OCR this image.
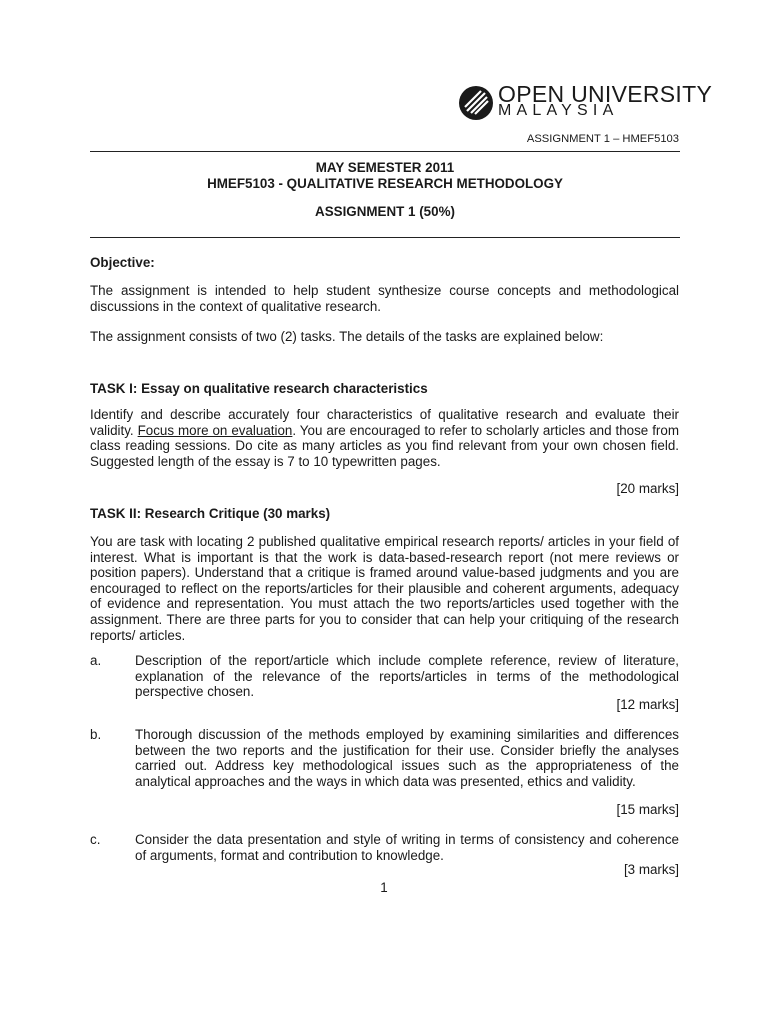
OPEN UNIVERSITY
MALAYSIA
ASSIGNMENT 1 – HMEF5103
MAY SEMESTER 2011
HMEF5103 - QUALITATIVE RESEARCH METHODOLOGY
ASSIGNMENT 1 (50%)
Objective:
The assignment is intended to help student synthesize course concepts and methodological discussions in the context of qualitative research.
The assignment consists of two (2) tasks. The details of the tasks are explained below:
TASK I: Essay on qualitative research characteristics
Identify and describe accurately four characteristics of qualitative research and evaluate their validity. Focus more on evaluation. You are encouraged to refer to scholarly articles and those from class reading sessions. Do cite as many articles as you find relevant from your own chosen field. Suggested length of the essay is 7 to 10 typewritten pages.
[20 marks]
TASK II: Research Critique (30 marks)
You are task with locating 2 published qualitative empirical research reports/ articles in your field of interest. What is important is that the work is data-based-research report (not mere reviews or position papers). Understand that a critique is framed around value-based judgments and you are encouraged to reflect on the reports/articles for their plausible and coherent arguments, adequacy of evidence and representation. You must attach the two reports/articles used together with the assignment. There are three parts for you to consider that can help your critiquing of the research reports/ articles.
a.	Description of the report/article which include complete reference, review of literature, explanation of the relevance of the reports/articles in terms of the methodological perspective chosen.
[12 marks]
b.	Thorough discussion of the methods employed by examining similarities and differences between the two reports and the justification for their use. Consider briefly the analyses carried out. Address key methodological issues such as the appropriateness of the analytical approaches and the ways in which data was presented, ethics and validity.
[15 marks]
c.	Consider the data presentation and style of writing in terms of consistency and coherence of arguments, format and contribution to knowledge.
[3 marks]
1
